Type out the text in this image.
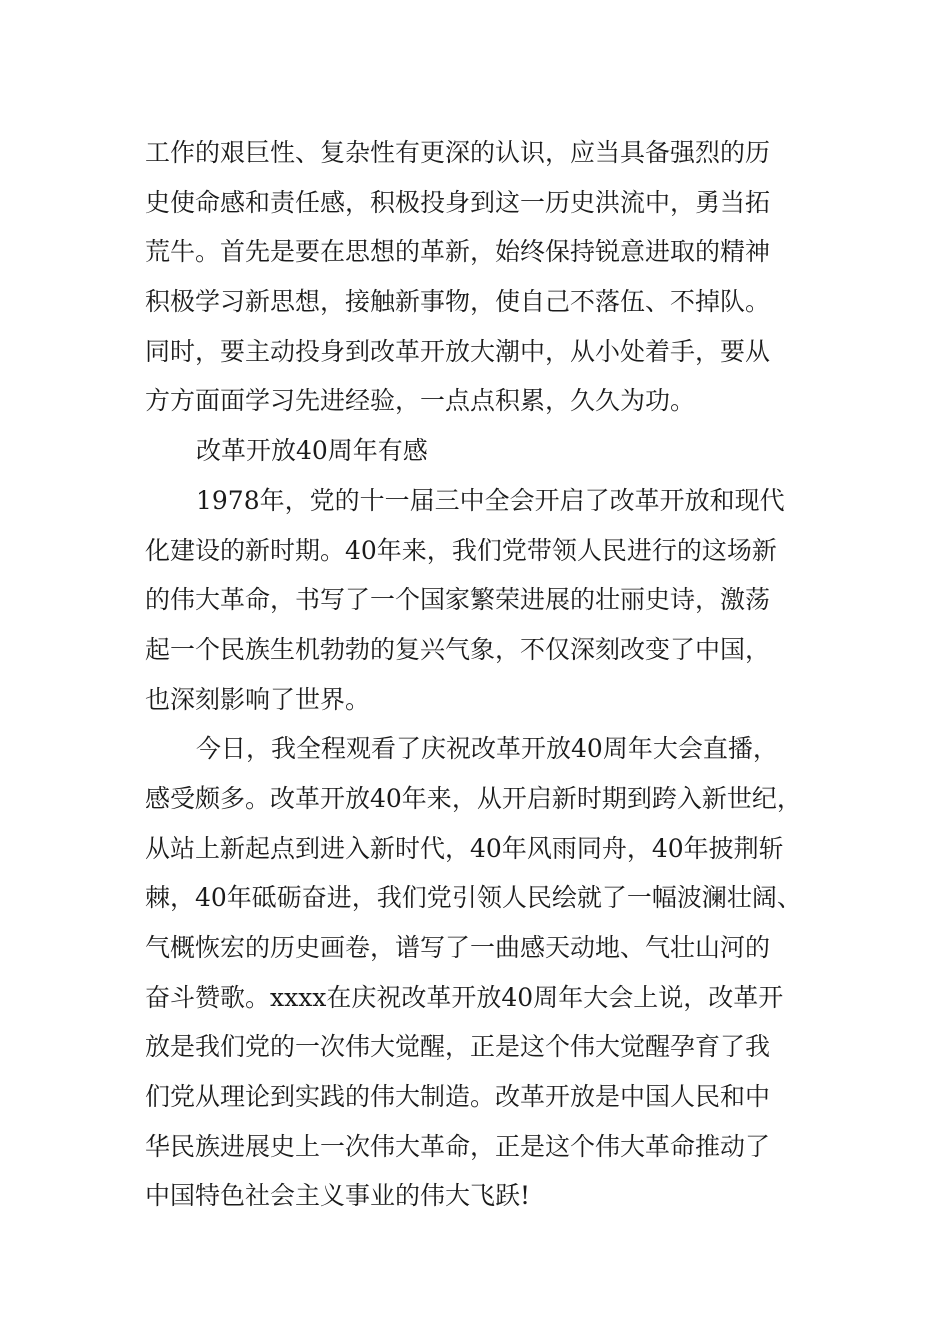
工作的艰巨性、复杂性有更深的认识，应当具备强烈的历
史使命感和责任感，积极投身到这一历史洪流中，勇当拓
荒牛。首先是要在思想的革新，始终保持锐意进取的精神
积极学习新思想，接触新事物，使自己不落伍、不掉队。
同时，要主动投身到改革开放大潮中，从小处着手，要从
方方面面学习先进经验，一点点积累，久久为功。
改革开放40周年有感
1978年，党的十一届三中全会开启了改革开放和现代
化建设的新时期。40年来，我们党带领人民进行的这场新
的伟大革命，书写了一个国家繁荣进展的壮丽史诗，激荡
起一个民族生机勃勃的复兴气象，不仅深刻改变了中国，
也深刻影响了世界。
今日，我全程观看了庆祝改革开放40周年大会直播，
感受颇多。改革开放40年来，从开启新时期到跨入新世纪，
从站上新起点到进入新时代，40年风雨同舟，40年披荆斩
棘，40年砥砺奋进，我们党引领人民绘就了一幅波澜壮阔、
气概恢宏的历史画卷，谱写了一曲感天动地、气壮山河的
奋斗赞歌。xxxx在庆祝改革开放40周年大会上说，改革开
放是我们党的一次伟大觉醒，正是这个伟大觉醒孕育了我
们党从理论到实践的伟大制造。改革开放是中国人民和中
华民族进展史上一次伟大革命，正是这个伟大革命推动了
中国特色社会主义事业的伟大飞跃!
